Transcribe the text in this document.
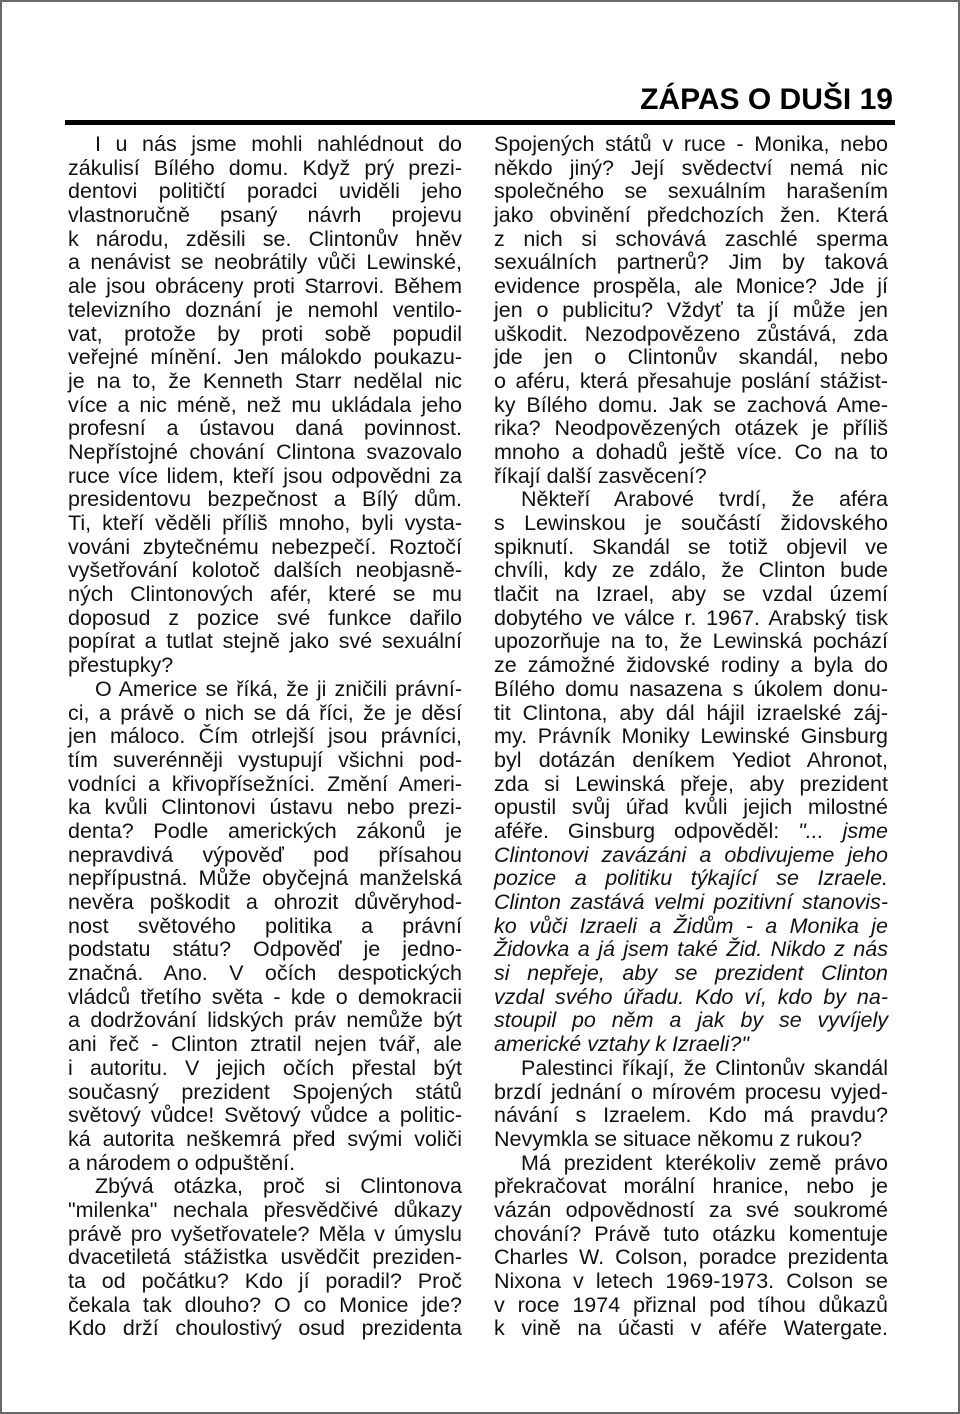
ZÁPAS O DUŠI 19
I u nás jsme mohli nahlédnout do
zákulisí Bílého domu. Když prý prezi-
dentovi političtí poradci uviděli jeho
vlastnoručně psaný návrh projevu
k národu, zděsili se. Clintonův hněv
a nenávist se neobrátily vůči Lewinské,
ale jsou obráceny proti Starrovi. Během
televizního doznání je nemohl ventilo-
vat, protože by proti sobě popudil
veřejné mínění. Jen málokdo poukazu-
je na to, že Kenneth Starr nedělal nic
více a nic méně, než mu ukládala jeho
profesní a ústavou daná povinnost.
Nepřístojné chování Clintona svazovalo
ruce více lidem, kteří jsou odpovědni za
presidentovu bezpečnost a Bílý dům.
Ti, kteří věděli příliš mnoho, byli vysta-
vováni zbytečnému nebezpečí. Roztočí
vyšetřování kolotoč dalších neobjasně-
ných Clintonových afér, které se mu
doposud z pozice své funkce dařilo
popírat a tutlat stejně jako své sexuální
přestupky?
O Americe se říká, že ji zničili právní-
ci, a právě o nich se dá říci, že je děsí
jen máloco. Čím otrlejší jsou právníci,
tím suverénněji vystupují všichni pod-
vodníci a křivopřísežníci. Změní Ameri-
ka kvůli Clintonovi ústavu nebo prezi-
denta? Podle amerických zákonů je
nepravdivá výpověď pod přísahou
nepřípustná. Může obyčejná manželská
nevěra poškodit a ohrozit důvěryhod-
nost světového politika a právní
podstatu státu? Odpověď je jedno-
značná. Ano. V očích despotických
vládců třetího světa - kde o demokracii
a dodržování lidských práv nemůže být
ani řeč - Clinton ztratil nejen tvář, ale
i autoritu. V jejich očích přestal být
současný prezident Spojených států
světový vůdce! Světový vůdce a politic-
ká autorita neškemrá před svými voliči
a národem o odpuštění.
Zbývá otázka, proč si Clintonova
"milenka" nechala přesvědčivé důkazy
právě pro vyšetřovatele? Měla v úmyslu
dvacetiletá stážistka usvědčit preziden-
ta od počátku? Kdo jí poradil? Proč
čekala tak dlouho? O co Monice jde?
Kdo drží choulostivý osud prezidenta
Spojených států v ruce - Monika, nebo
někdo jiný? Její svědectví nemá nic
společného se sexuálním harašením
jako obvinění předchozích žen. Která
z nich si schovává zaschlé sperma
sexuálních partnerů? Jim by taková
evidence prospěla, ale Monice? Jde jí
jen o publicitu? Vždyť ta jí může jen
uškodit. Nezodpovězeno zůstává, zda
jde jen o Clintonův skandál, nebo
o aféru, která přesahuje poslání stážist-
ky Bílého domu. Jak se zachová Ame-
rika? Neodpovězených otázek je příliš
mnoho a dohadů ještě více. Co na to
říkají další zasvěcení?
Někteří Arabové tvrdí, že aféra
s Lewinskou je součástí židovského
spiknutí. Skandál se totiž objevil ve
chvíli, kdy ze zdálo, že Clinton bude
tlačit na Izrael, aby se vzdal území
dobytého ve válce r. 1967. Arabský tisk
upozorňuje na to, že Lewinská pochází
ze zámožné židovské rodiny a byla do
Bílého domu nasazena s úkolem donu-
tit Clintona, aby dál hájil izraelské záj-
my. Právník Moniky Lewinské Ginsburg
byl dotázán deníkem Yediot Ahronot,
zda si Lewinská přeje, aby prezident
opustil svůj úřad kvůli jejich milostné
aféře. Ginsburg odpověděl: "... jsme
Clintonovi zavázáni a obdivujeme jeho
pozice a politiku týkající se Izraele.
Clinton zastává velmi pozitivní stanovis-
ko vůči Izraeli a Židům - a Monika je
Židovka a já jsem také Žid. Nikdo z nás
si nepřeje, aby se prezident Clinton
vzdal svého úřadu. Kdo ví, kdo by na-
stoupil po něm a jak by se vyvíjely
americké vztahy k Izraeli?"
Palestinci říkají, že Clintonův skandál
brzdí jednání o mírovém procesu vyjed-
návání s Izraelem. Kdo má pravdu?
Nevymkla se situace někomu z rukou?
Má prezident kterékoliv země právo
překračovat morální hranice, nebo je
vázán odpovědností za své soukromé
chování? Právě tuto otázku komentuje
Charles W. Colson, poradce prezidenta
Nixona v letech 1969-1973. Colson se
v roce 1974 přiznal pod tíhou důkazů
k vině na účasti v aféře Watergate.
